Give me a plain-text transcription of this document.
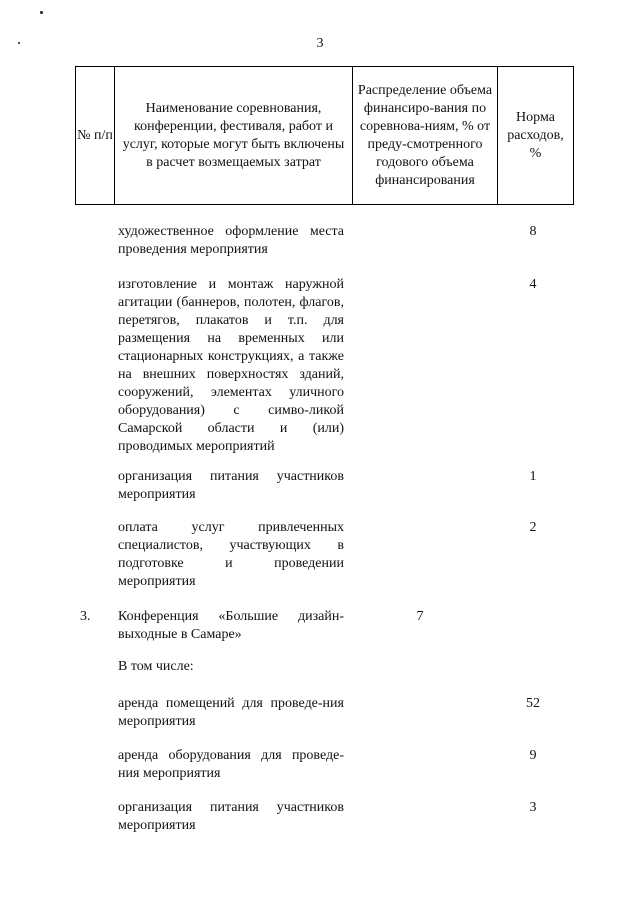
3
№ п/п
Наименование соревнования, конференции, фестиваля, работ и услуг, которые могут быть включены в расчет возмещаемых затрат
Распределение объема финансиро-вания по соревнова-ниям, % от преду-смотренного годового объема финансирования
Норма расходов, %
художественное оформление места проведения мероприятия
8
изготовление и монтаж наружной агитации (баннеров, полотен, флагов, перетягов, плакатов и т.п. для размещения на временных или стационарных конструкциях, а также на внешних поверхностях зданий, сооружений, элементах уличного оборудования) с симво-ликой Самарской области и (или) проводимых мероприятий
4
организация питания участников мероприятия
1
оплата услуг привлеченных специалистов, участвующих в подготовке и проведении мероприятия
2
3.	Конференция «Большие дизайн-выходные в Самаре»
7
В том числе:
аренда помещений для проведе-ния мероприятия
52
аренда оборудования для проведе-ния мероприятия
9
организация питания участников мероприятия
3
